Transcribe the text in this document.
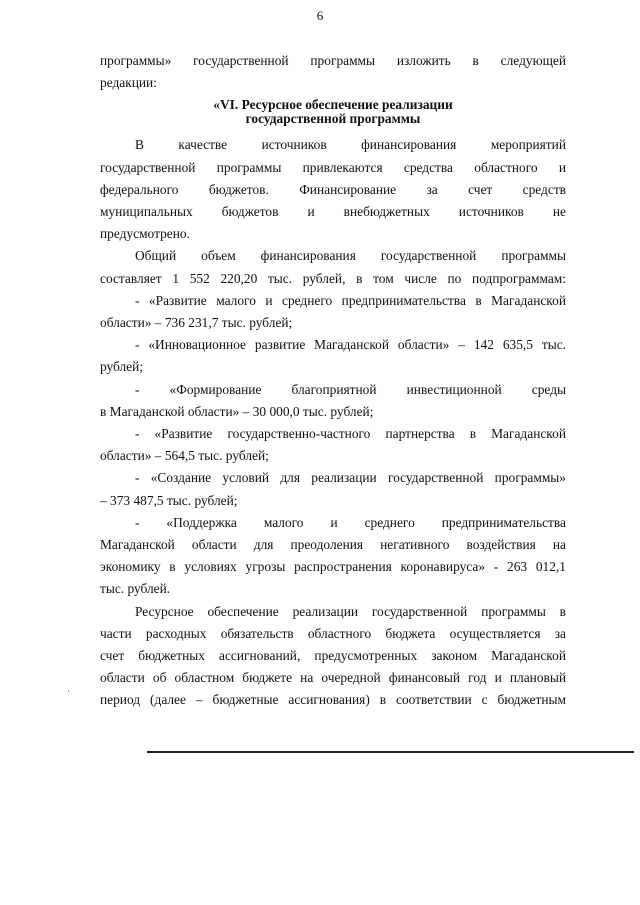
6
программы» государственной программы изложить в следующей
редакции:
«VI. Ресурсное обеспечение реализации
государственной программы
В качестве источников финансирования мероприятий
государственной программы привлекаются средства областного и
федерального бюджетов. Финансирование за счет средств
муниципальных бюджетов и внебюджетных источников не
предусмотрено.
Общий объем финансирования государственной программы
составляет 1 552 220,20 тыс. рублей, в том числе по подпрограммам:
- «Развитие малого и среднего предпринимательства в Магаданской
области» – 736 231,7 тыс. рублей;
- «Инновационное развитие Магаданской области» – 142 635,5 тыс.
рублей;
- «Формирование благоприятной инвестиционной среды
в Магаданской области» – 30 000,0 тыс. рублей;
- «Развитие государственно-частного партнерства в Магаданской
области» – 564,5 тыс. рублей;
- «Создание условий для реализации государственной программы»
– 373 487,5 тыс. рублей;
- «Поддержка малого и среднего предпринимательства
Магаданской области для преодоления негативного воздействия на
экономику в условиях угрозы распространения коронавируса» - 263 012,1
тыс. рублей.
Ресурсное обеспечение реализации государственной программы в
части расходных обязательств областного бюджета осуществляется за
счет бюджетных ассигнований, предусмотренных законом Магаданской
области об областном бюджете на очередной финансовый год и плановый
период (далее – бюджетные ассигнования) в соответствии с бюджетным
